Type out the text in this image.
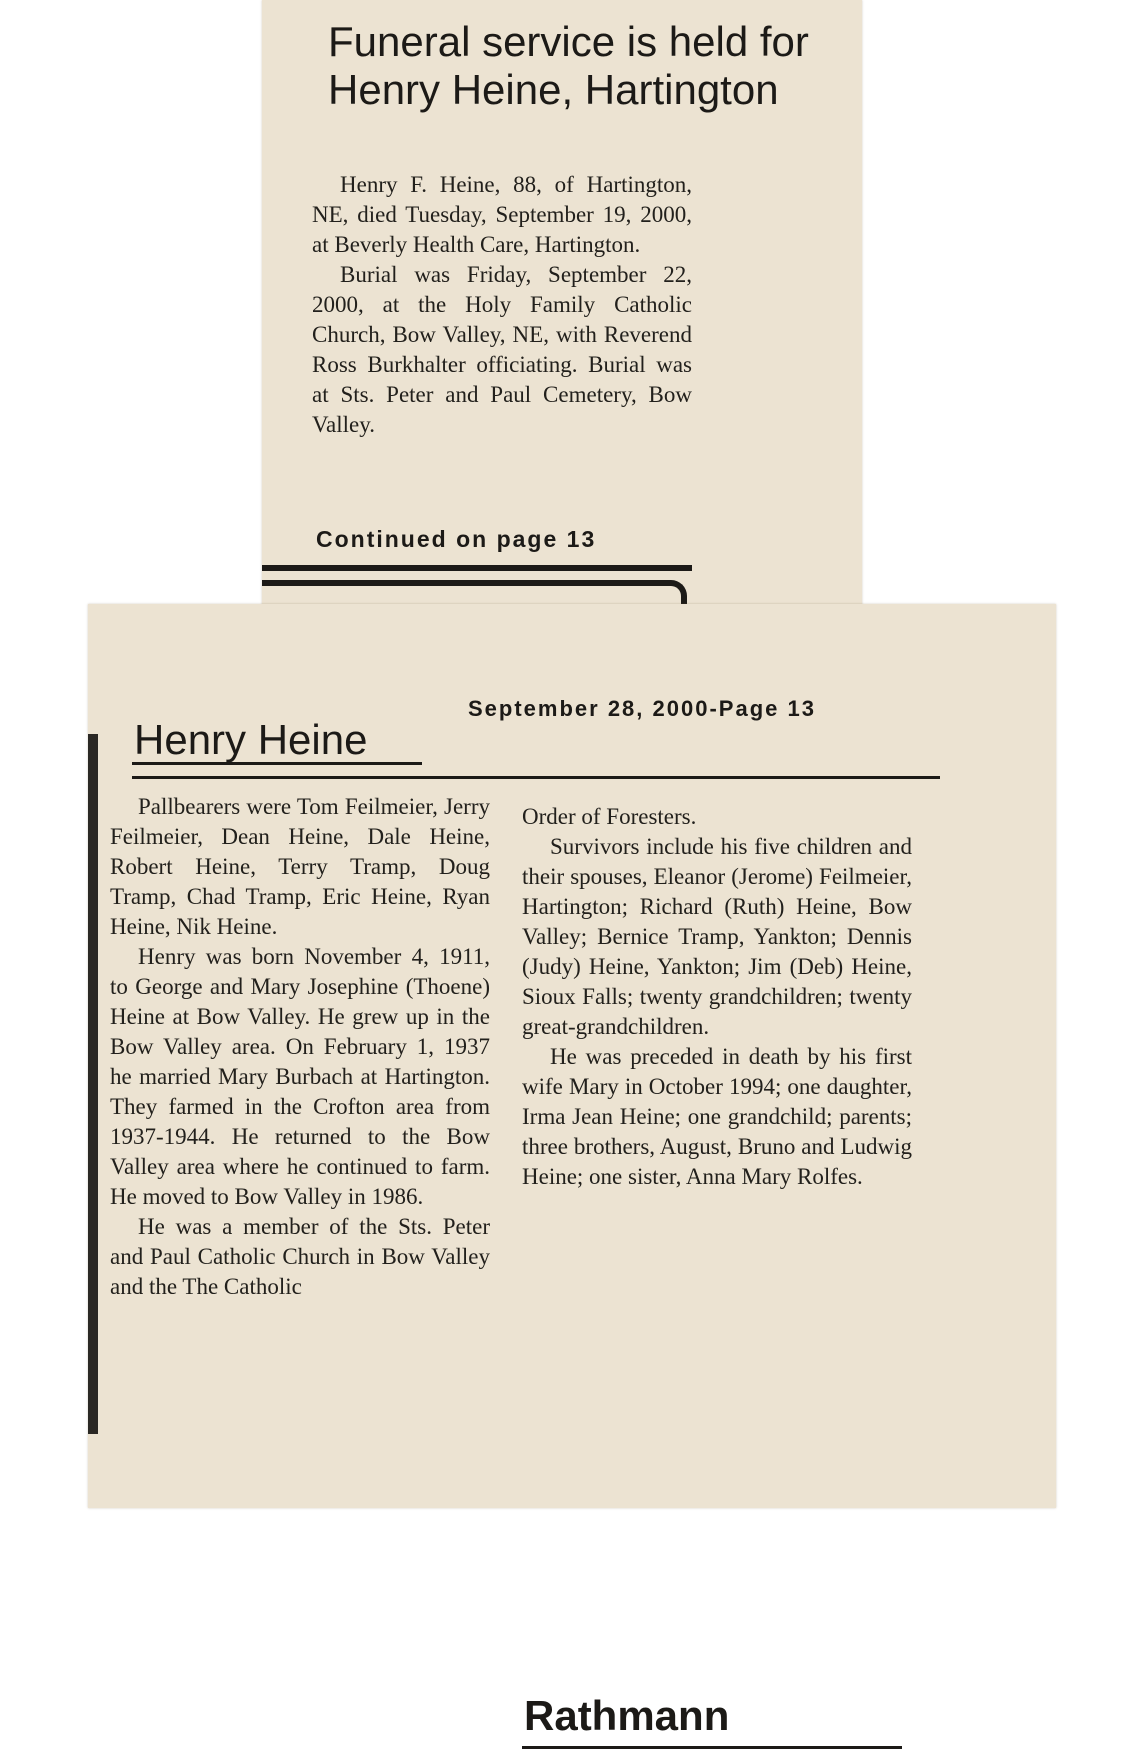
Funeral service is held for Henry Heine, Hartington

Henry F. Heine, 88, of Hartington, NE, died Tuesday, September 19, 2000, at Beverly Health Care, Hartington.

Burial was Friday, September 22, 2000, at the Holy Family Catholic Church, Bow Valley, NE, with Reverend Ross Burkhalter officiating. Burial was at Sts. Peter and Paul Cemetery, Bow Valley.

Continued on page 13
September 28, 2000-Page 13
Henry Heine

Pallbearers were Tom Feilmeier, Jerry Feilmeier, Dean Heine, Dale Heine, Robert Heine, Terry Tramp, Doug Tramp, Chad Tramp, Eric Heine, Ryan Heine, Nik Heine.

Henry was born November 4, 1911, to George and Mary Josephine (Thoene) Heine at Bow Valley. He grew up in the Bow Valley area. On February 1, 1937 he married Mary Burbach at Hartington. They farmed in the Crofton area from 1937-1944. He returned to the Bow Valley area where he continued to farm. He moved to Bow Valley in 1986.

He was a member of the Sts. Peter and Paul Catholic Church in Bow Valley and the The Catholic

Order of Foresters.

Survivors include his five children and their spouses, Eleanor (Jerome) Feilmeier, Hartington; Richard (Ruth) Heine, Bow Valley; Bernice Tramp, Yankton; Dennis (Judy) Heine, Yankton; Jim (Deb) Heine, Sioux Falls; twenty grandchildren; twenty great-grandchildren.

He was preceded in death by his first wife Mary in October 1994; one daughter, Irma Jean Heine; one grandchild; parents; three brothers, August, Bruno and Ludwig Heine; one sister, Anna Mary Rolfes.

Rathmann
